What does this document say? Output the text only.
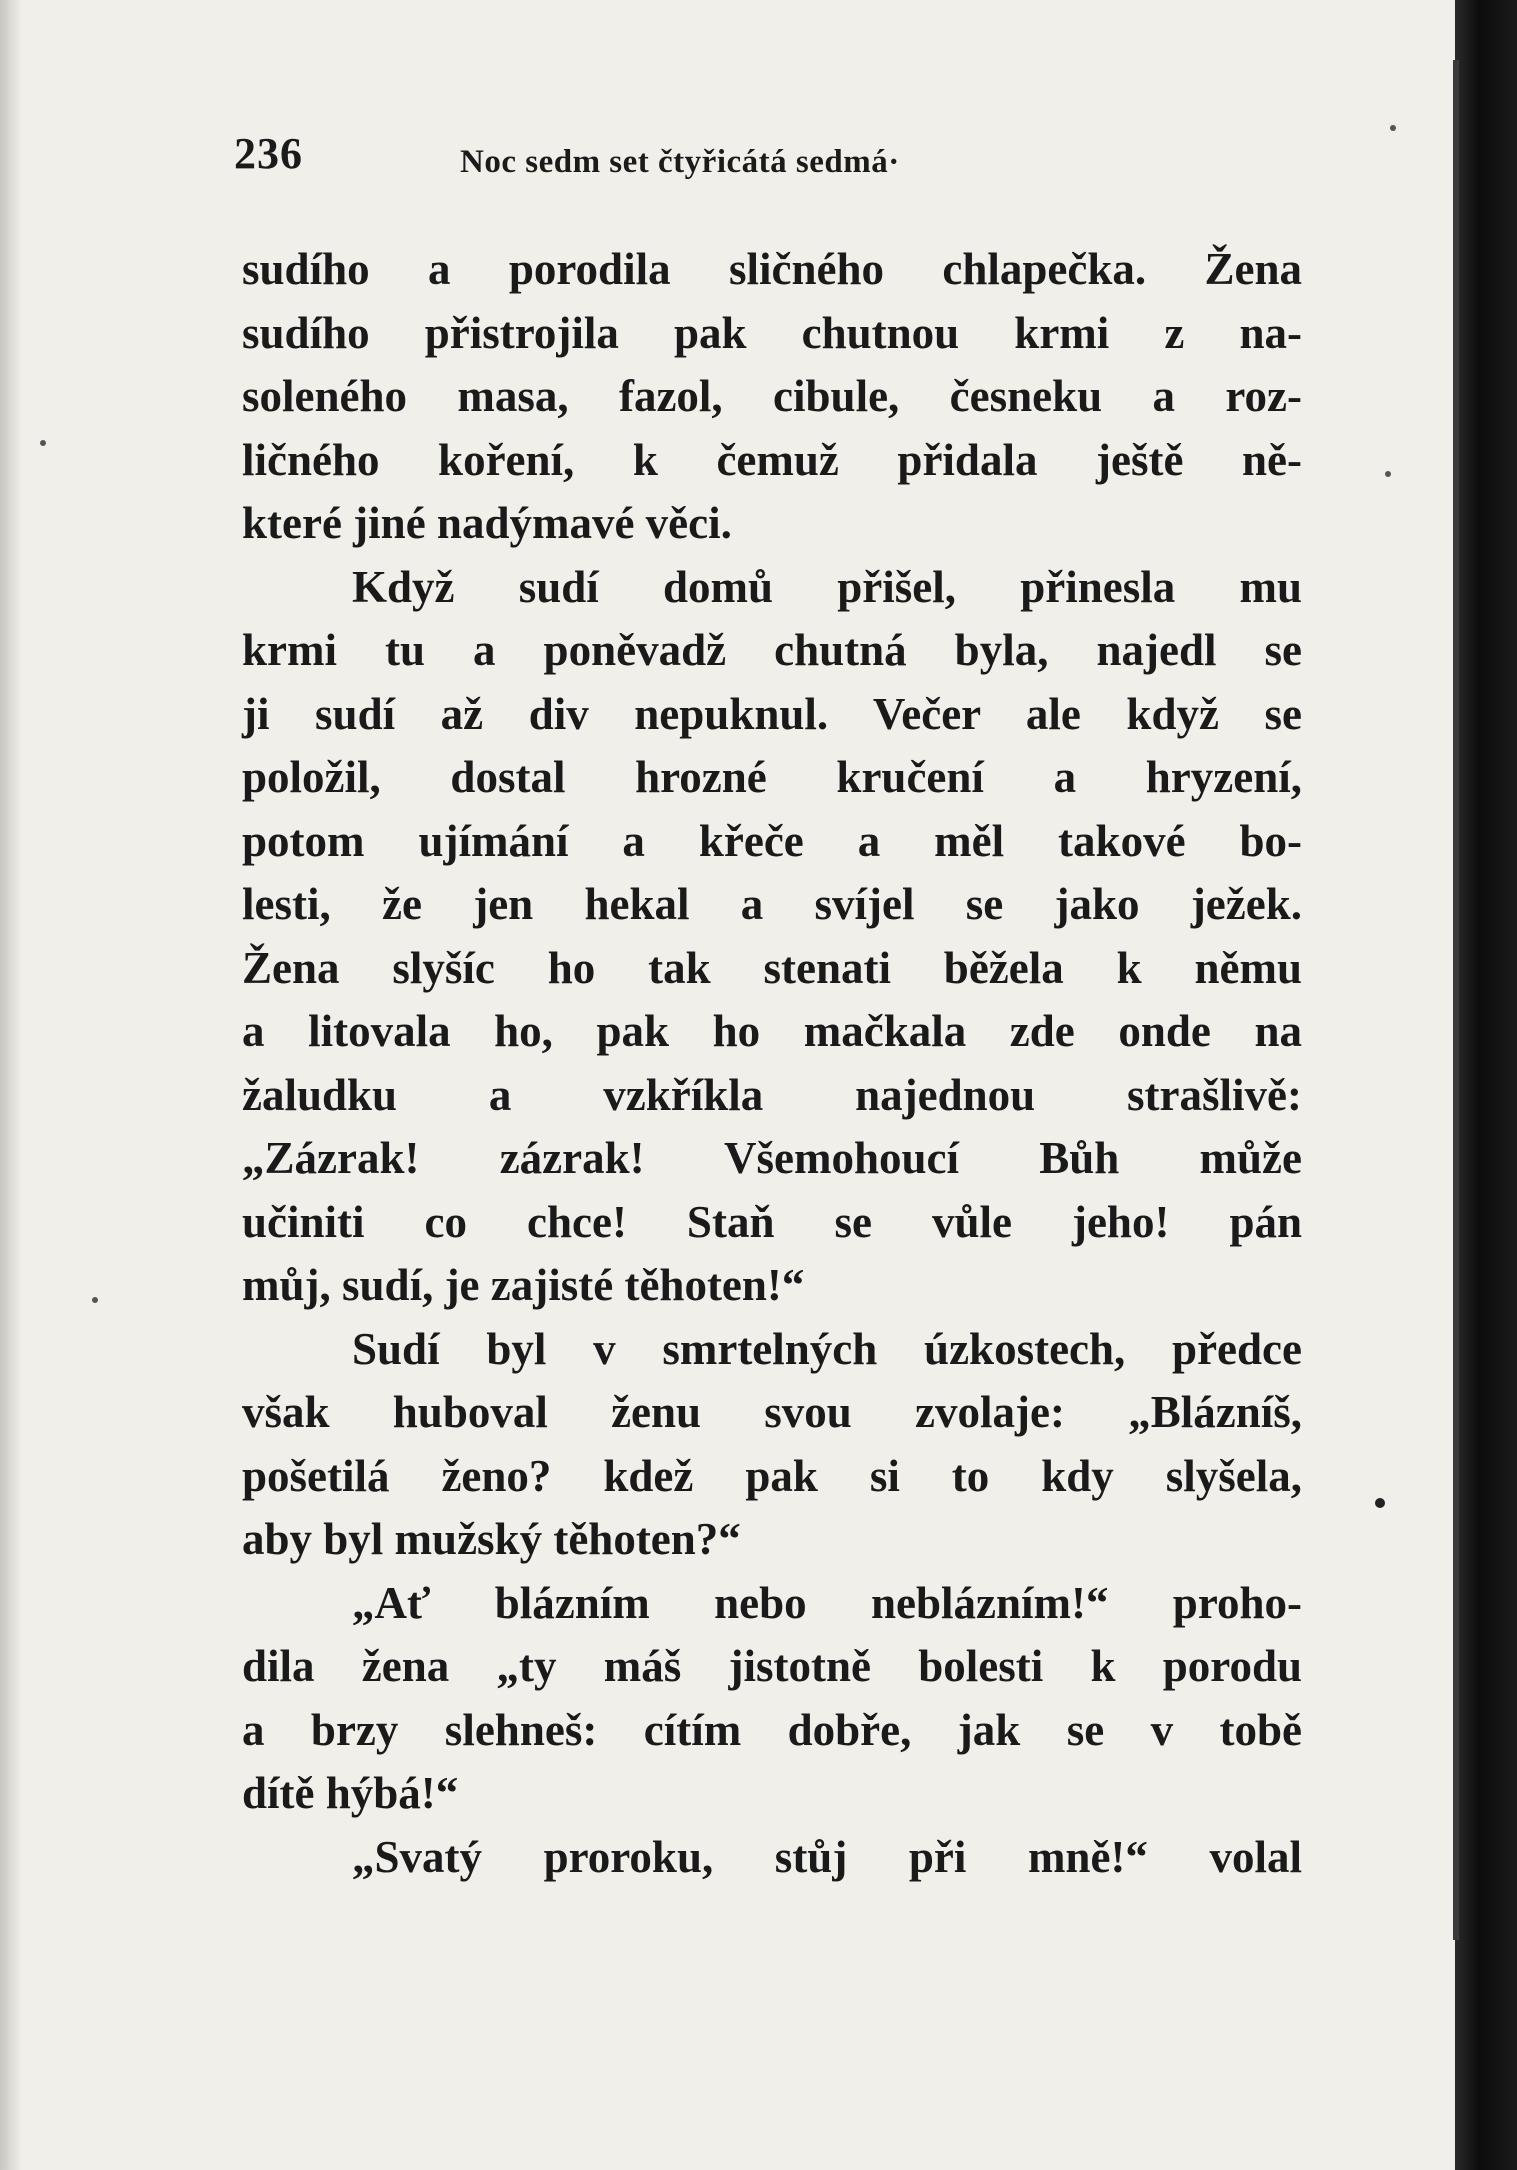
236	Noc sedm set čtyřicátá sedmá·
sudího a porodila sličného chlapečka. Žena
sudího přistrojila pak chutnou krmi z na-
soleného masa, fazol, cibule, česneku a roz-
ličného koření, k čemuž přidala ještě ně-
které jiné nadýmavé věci.
Když sudí domů přišel, přinesla mu
krmi tu a poněvadž chutná byla, najedl se
ji sudí až div nepuknul. Večer ale když se
položil, dostal hrozné kručení a hryzení,
potom ujímání a křeče a měl takové bo-
lesti, že jen hekal a svíjel se jako ježek.
Žena slyšíc ho tak stenati běžela k němu
a litovala ho, pak ho mačkala zde onde na
žaludku a vzkříkla najednou strašlivě:
„Zázrak! zázrak! Všemohoucí Bůh může
učiniti co chce! Staň se vůle jeho! pán
můj, sudí, je zajisté těhoten!“
Sudí byl v smrtelných úzkostech, předce
však huboval ženu svou zvolaje: „Blázníš,
pošetilá ženo? kdež pak si to kdy slyšela,
aby byl mužský těhoten?“
„Ať blázním nebo neblázním!“ proho-
dila žena „ty máš jistotně bolesti k porodu
a brzy slehneš: cítím dobře, jak se v tobě
dítě hýbá!“
„Svatý proroku, stůj při mně!“ volal
